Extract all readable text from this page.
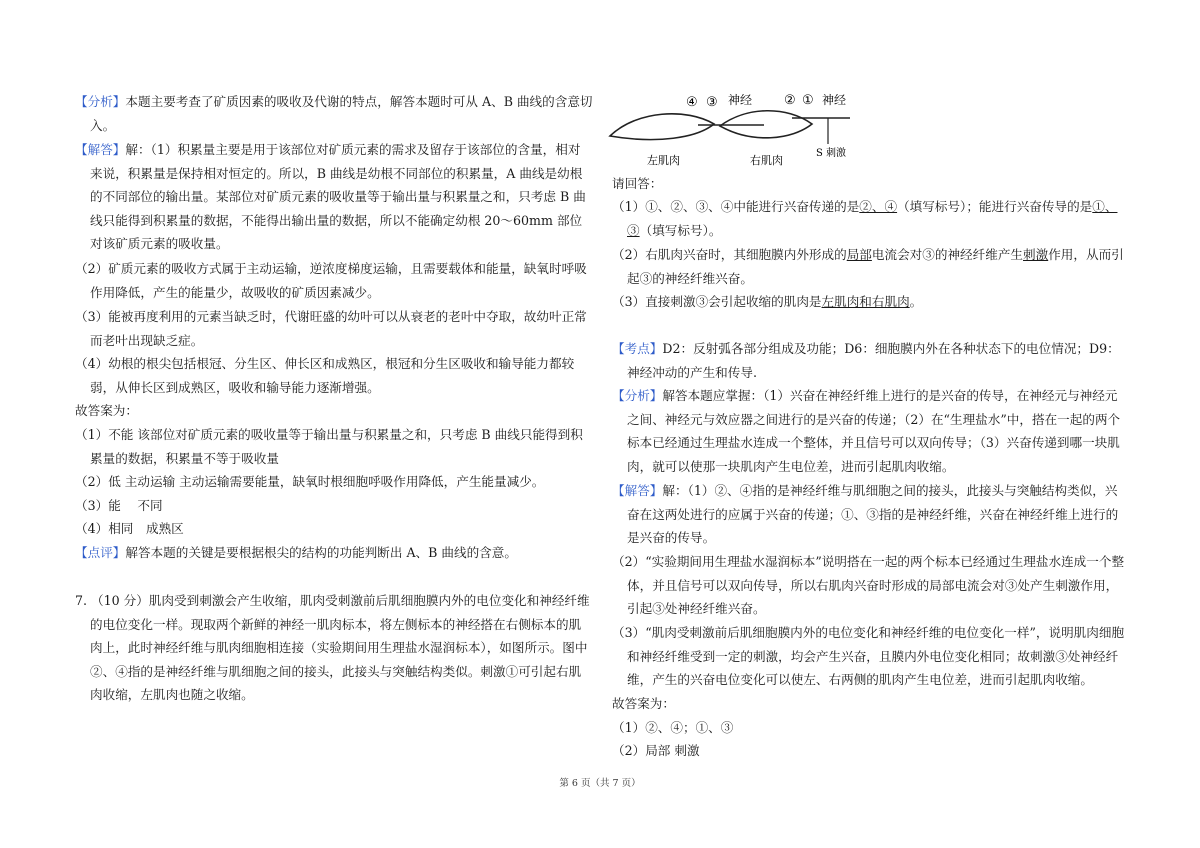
【分析】本题主要考查了矿质因素的吸收及代谢的特点，解答本题时可从 A、B 曲线的含意切入。

【解答】解：（1）积累量主要是用于该部位对矿质元素的需求及留存于该部位的含量，相对来说，积累量是保持相对恒定的。所以，B 曲线是幼根不同部位的积累量，A 曲线是幼根的不同部位的输出量。某部位对矿质元素的吸收量等于输出量与积累量之和，只考虑 B 曲线只能得到积累量的数据，不能得出输出量的数据，所以不能确定幼根 20～60mm 部位对该矿质元素的吸收量。

（2）矿质元素的吸收方式属于主动运输，逆浓度梯度运输，且需要载体和能量，缺氧时呼吸作用降低，产生的能量少，故吸收的矿质因素减少。

（3）能被再度利用的元素当缺乏时，代谢旺盛的幼叶可以从衰老的老叶中夺取，故幼叶正常而老叶出现缺乏症。

（4）幼根的根尖包括根冠、分生区、伸长区和成熟区，根冠和分生区吸收和输导能力都较弱，从伸长区到成熟区，吸收和输导能力逐渐增强。

故答案为：

（1）不能 该部位对矿质元素的吸收量等于输出量与积累量之和，只考虑 B 曲线只能得到积累量的数据，积累量不等于吸收量

（2）低 主动运输 主动运输需要能量，缺氧时根细胞呼吸作用降低，产生能量减少。

（3）能　 不同

（4）相同　成熟区

【点评】解答本题的关键是要根据根尖的结构的功能判断出 A、B 曲线的含意。

7. （10 分）肌肉受到刺激会产生收缩，肌肉受刺激前后肌细胞膜内外的电位变化和神经纤维的电位变化一样。现取两个新鲜的神经一肌肉标本，将左侧标本的神经搭在右侧标本的肌肉上，此时神经纤维与肌肉细胞相连接（实验期间用生理盐水湿润标本），如图所示。图中②、④指的是神经纤维与肌细胞之间的接头，此接头与突触结构类似。刺激①可引起右肌肉收缩，左肌肉也随之收缩。

④ ③ 神经 ② ① 神经
左肌肉	右肌肉
S 刺激

请回答：

（1）①、②、③、④中能进行兴奋传递的是②、④（填写标号）；能进行兴奋传导的是①、③（填写标号）。

（2）右肌肉兴奋时，其细胞膜内外形成的局部电流会对③的神经纤维产生刺激作用，从而引起③的神经纤维兴奋。

（3）直接刺激③会引起收缩的肌肉是左肌肉和右肌肉。

【考点】D2：反射弧各部分组成及功能；D6：细胞膜内外在各种状态下的电位情况；D9：神经冲动的产生和传导.

【分析】解答本题应掌握：（1）兴奋在神经纤维上进行的是兴奋的传导，在神经元与神经元之间、神经元与效应器之间进行的是兴奋的传递；（2）在“生理盐水”中，搭在一起的两个标本已经通过生理盐水连成一个整体，并且信号可以双向传导；（3）兴奋传递到哪一块肌肉，就可以使那一块肌肉产生电位差，进而引起肌肉收缩。

【解答】解：（1）②、④指的是神经纤维与肌细胞之间的接头，此接头与突触结构类似，兴奋在这两处进行的应属于兴奋的传递；①、③指的是神经纤维，兴奋在神经纤维上进行的是兴奋的传导。

（2）“实验期间用生理盐水湿润标本”说明搭在一起的两个标本已经通过生理盐水连成一个整体，并且信号可以双向传导，所以右肌肉兴奋时形成的局部电流会对③处产生刺激作用，引起③处神经纤维兴奋。

（3）“肌肉受刺激前后肌细胞膜内外的电位变化和神经纤维的电位变化一样”，说明肌肉细胞和神经纤维受到一定的刺激，均会产生兴奋，且膜内外电位变化相同；故刺激③处神经纤维，产生的兴奋电位变化可以使左、右两侧的肌肉产生电位差，进而引起肌肉收缩。

故答案为：

（1）②、④；①、③

（2）局部 刺激

第 6 页（共 7 页）
